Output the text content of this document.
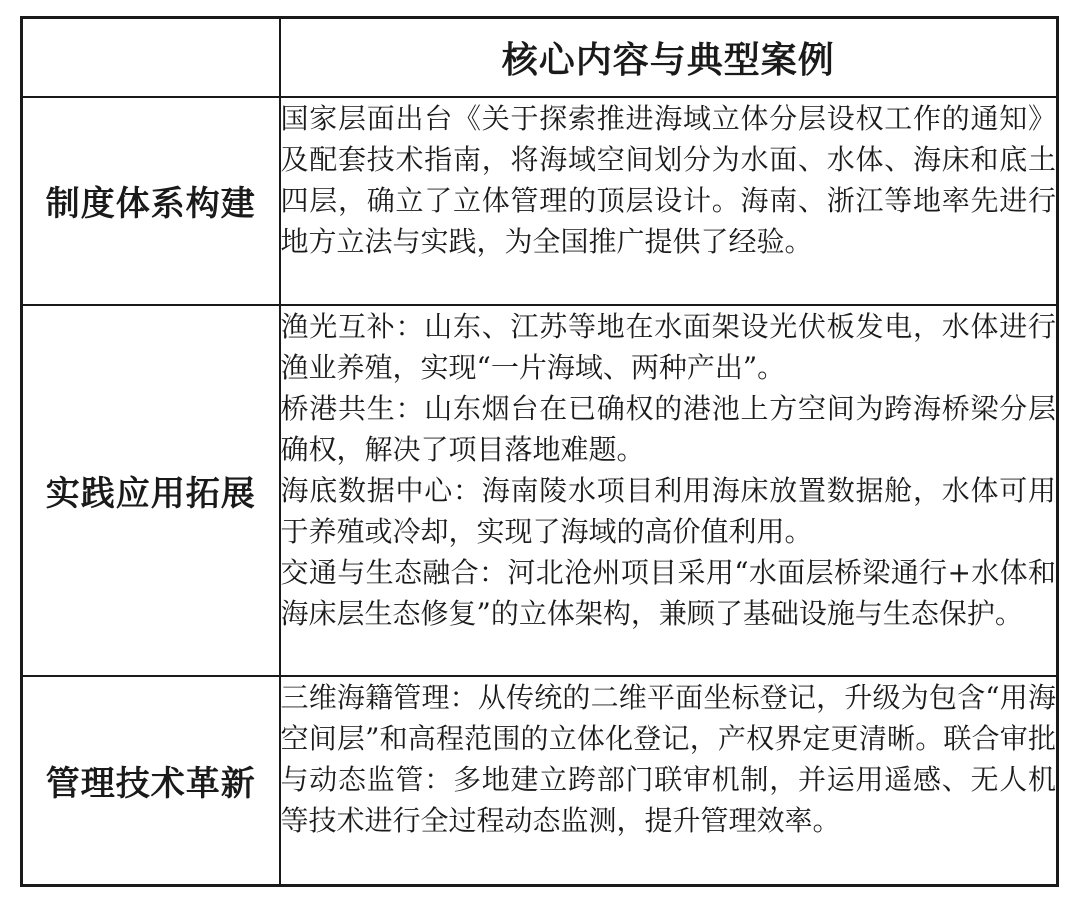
	核心内容与典型案例
制度体系构建	国家层面出台《关于探索推进海域立体分层设权工作的通知》及配套技术指南，将海域空间划分为水面、水体、海床和底土四层，确立了立体管理的顶层设计。海南、浙江等地率先进行地方立法与实践，为全国推广提供了经验。

实践应用拓展	渔光互补：山东、江苏等地在水面架设光伏板发电，水体进行渔业养殖，实现“一片海域、两种产出”。
桥港共生：山东烟台在已确权的港池上方空间为跨海桥梁分层确权，解决了项目落地难题。
海底数据中心：海南陵水项目利用海床放置数据舱，水体可用于养殖或冷却，实现了海域的高价值利用。
交通与生态融合：河北沧州项目采用“水面层桥梁通行+水体和海床层生态修复”的立体架构，兼顾了基础设施与生态保护。

管理技术革新	三维海籍管理：从传统的二维平面坐标登记，升级为包含“用海空间层”和高程范围的立体化登记，产权界定更清晰。联合审批与动态监管：多地建立跨部门联审机制，并运用遥感、无人机等技术进行全过程动态监测，提升管理效率。
